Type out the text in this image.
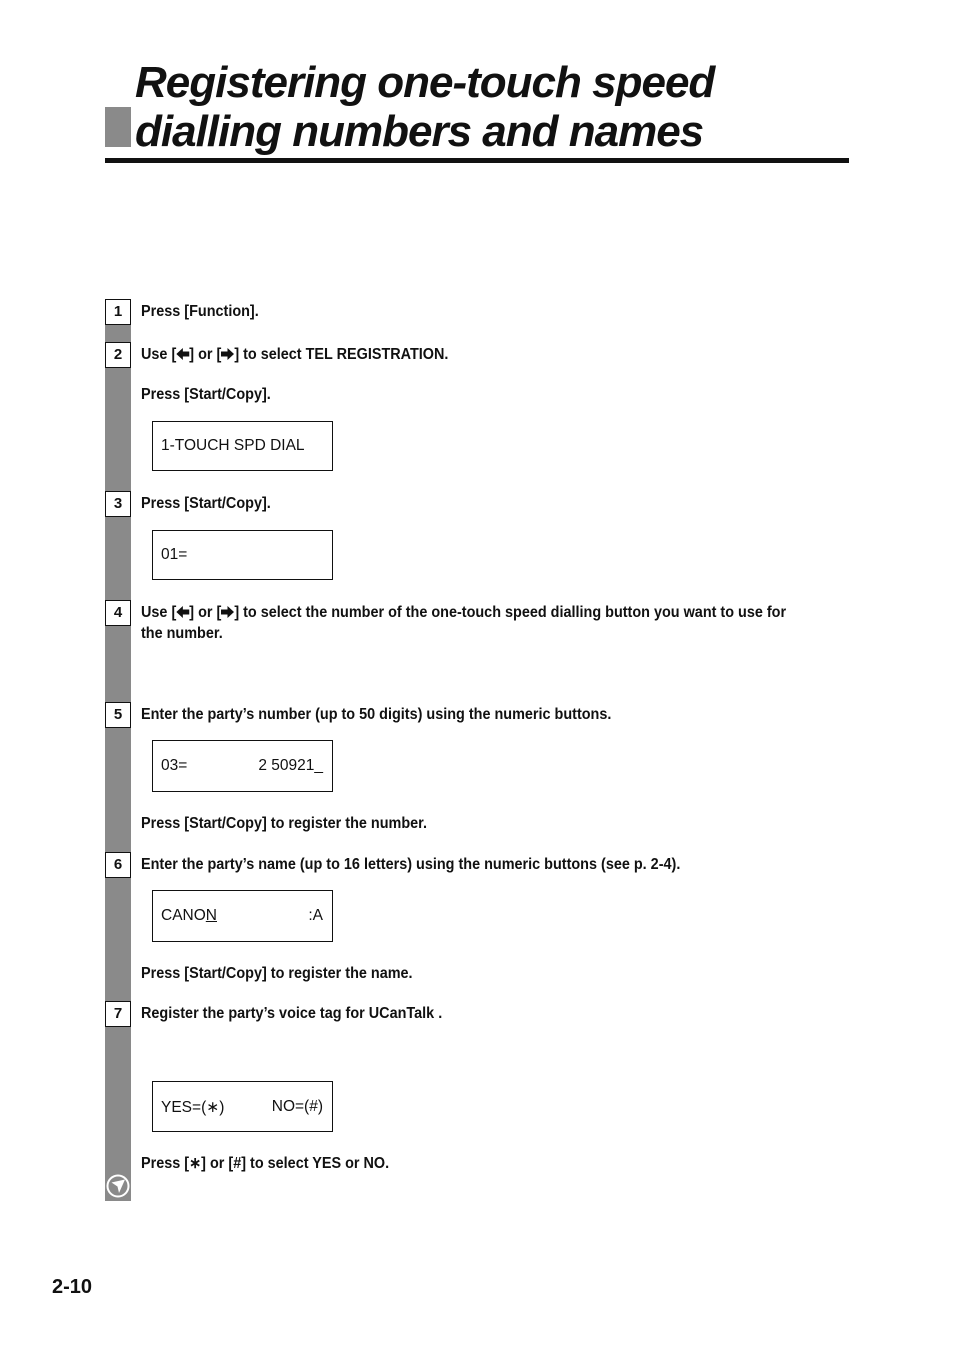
Registering one-touch speed
dialling numbers and names
1	Press [Function].
2	Use [ ] or [ ] to select TEL REGISTRATION.
Press [Start/Copy].
1-TOUCH SPD DIAL
3	Press [Start/Copy].
01=
4	Use [ ] or [ ] to select the number of the one-touch speed dialling button you want to use for the number.
5	Enter the party’s number (up to 50 digits) using the numeric buttons.
03=	2 50921_
Press [Start/Copy] to register the number.
6	Enter the party’s name (up to 16 letters) using the numeric buttons (see p. 2-4).
CANON	:A
Press [Start/Copy] to register the name.
7	Register the party’s voice tag for UCanTalk .
YES=(∗)	NO=(#)
Press [∗] or [#] to select YES or NO.
2-10
